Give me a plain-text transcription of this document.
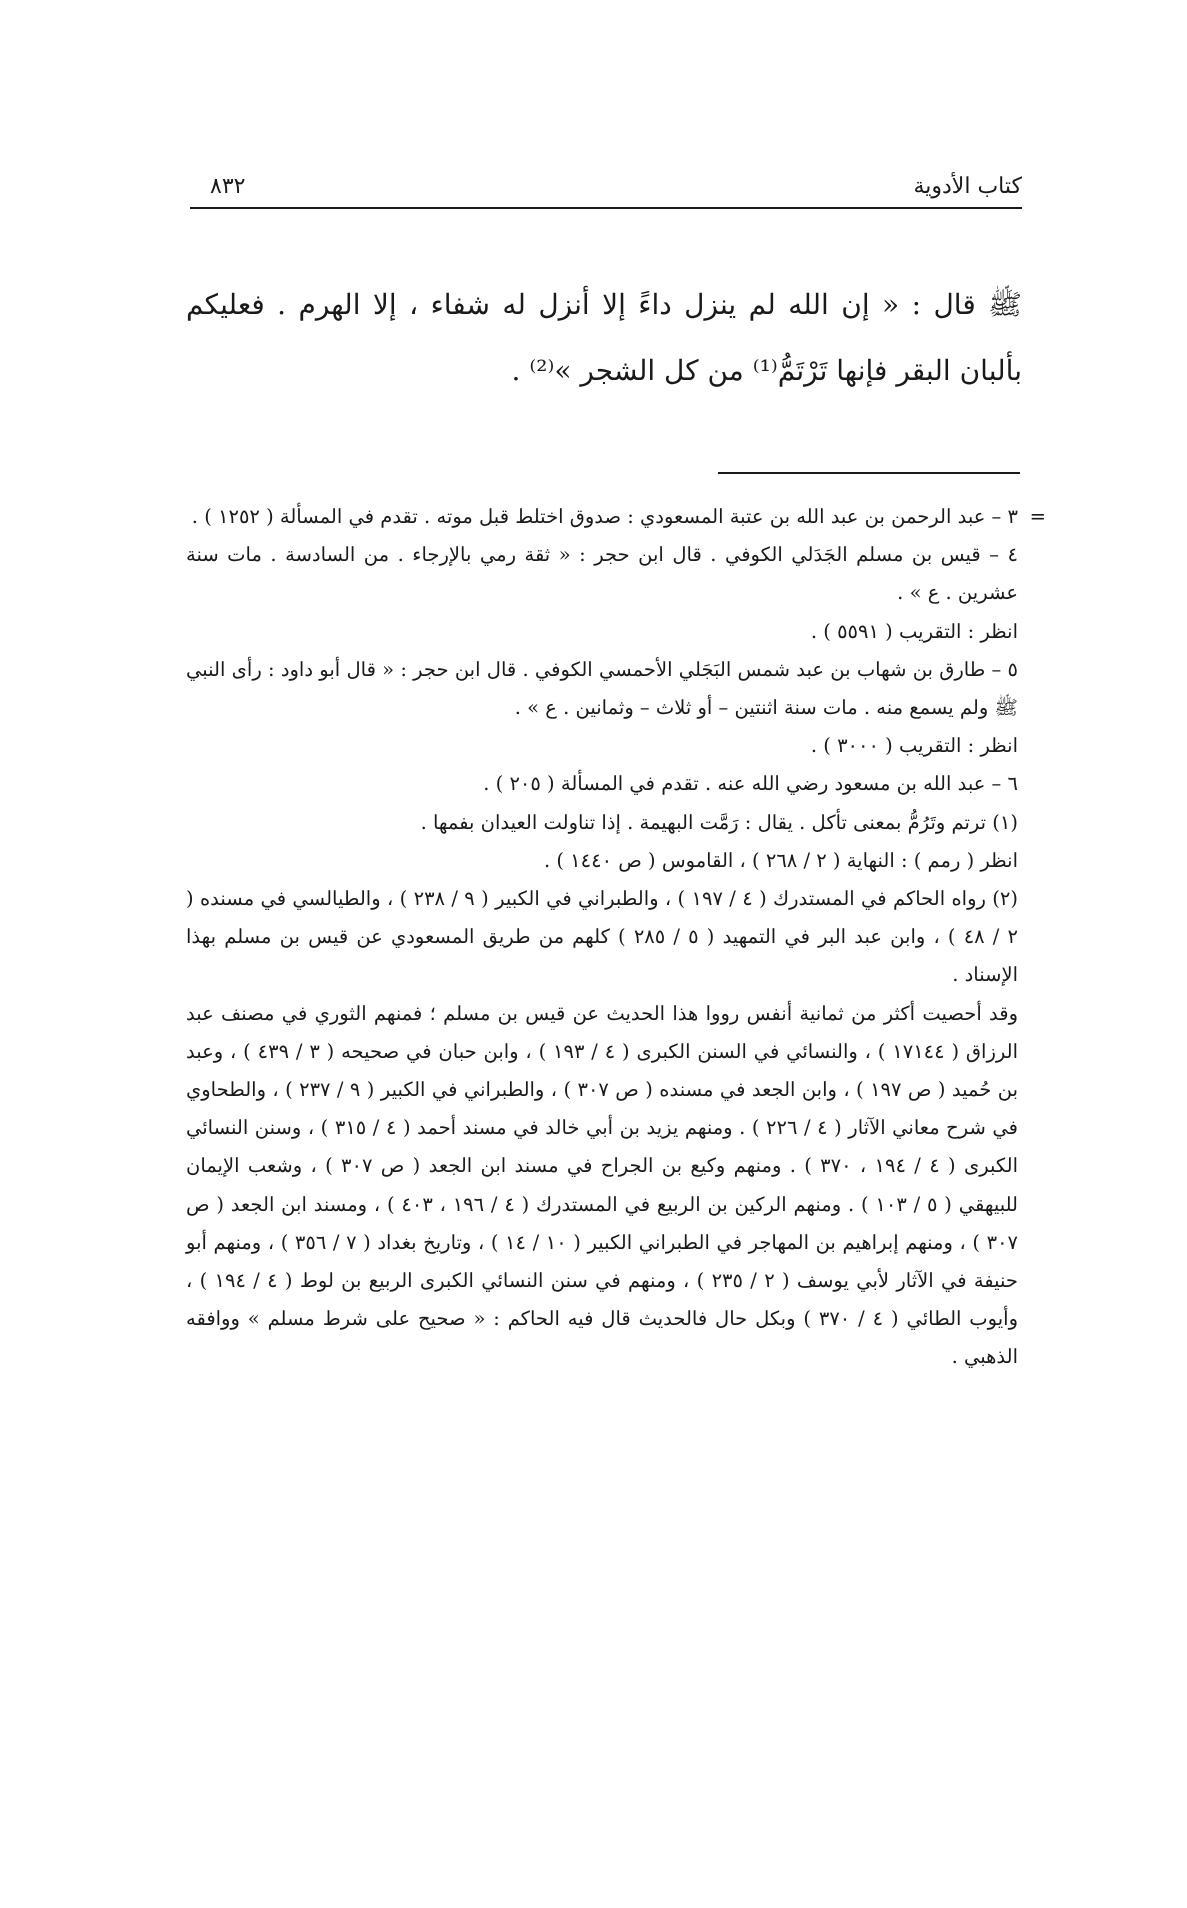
كتاب الأدوية
٨٣٢
ﷺ قال : « إن الله لم ينزل داءً إلا أنزل له شفاء ، إلا الهرم . فعليكم بألبان البقر فإنها تَرْتَمُّ⁽¹⁾ من كل الشجر »⁽²⁾ .
=

٣ – عبد الرحمن بن عبد الله بن عتبة المسعودي : صدوق اختلط قبل موته . تقدم في المسألة ( ١٢٥٢ ) .

٤ – قيس بن مسلم الجَدَلي الكوفي . قال ابن حجر : « ثقة رمي بالإرجاء . من السادسة . مات سنة عشرين . ع » .

انظر : التقريب ( ٥٥٩١ ) .

٥ – طارق بن شهاب بن عبد شمس البَجَلي الأحمسي الكوفي . قال ابن حجر : « قال أبو داود : رأى النبي ﷺ ولم يسمع منه . مات سنة اثنتين – أو ثلاث – وثمانين . ع » .

انظر : التقريب ( ٣٠٠٠ ) .

٦ – عبد الله بن مسعود رضي الله عنه . تقدم في المسألة ( ٢٠٥ ) .

(١) ترتم وتَرُمُّ بمعنى تأكل . يقال : رَمَّت البهيمة . إذا تناولت العيدان بفمها .

انظر ( رمم ) : النهاية ( ٢ / ٢٦٨ ) ، القاموس ( ص ١٤٤٠ ) .

(٢) رواه الحاكم في المستدرك ( ٤ / ١٩٧ ) ، والطبراني في الكبير ( ٩ / ٢٣٨ ) ، والطيالسي في مسنده ( ٢ / ٤٨ ) ، وابن عبد البر في التمهيد ( ٥ / ٢٨٥ ) كلهم من طريق المسعودي عن قيس بن مسلم بهذا الإسناد .

وقد أحصيت أكثر من ثمانية أنفس رووا هذا الحديث عن قيس بن مسلم ؛ فمنهم الثوري في مصنف عبد الرزاق ( ١٧١٤٤ ) ، والنسائي في السنن الكبرى ( ٤ / ١٩٣ ) ، وابن حبان في صحيحه ( ٣ / ٤٣٩ ) ، وعبد بن حُميد ( ص ١٩٧ ) ، وابن الجعد في مسنده ( ص ٣٠٧ ) ، والطبراني في الكبير ( ٩ / ٢٣٧ ) ، والطحاوي في شرح معاني الآثار ( ٤ / ٢٢٦ ) . ومنهم يزيد بن أبي خالد في مسند أحمد ( ٤ / ٣١٥ ) ، وسنن النسائي الكبرى ( ٤ / ١٩٤ ، ٣٧٠ ) . ومنهم وكيع بن الجراح في مسند ابن الجعد ( ص ٣٠٧ ) ، وشعب الإيمان للبيهقي ( ٥ / ١٠٣ ) . ومنهم الركين بن الربيع في المستدرك ( ٤ / ١٩٦ ، ٤٠٣ ) ، ومسند ابن الجعد ( ص ٣٠٧ ) ، ومنهم إبراهيم بن المهاجر في الطبراني الكبير ( ١٠ / ١٤ ) ، وتاريخ بغداد ( ٧ / ٣٥٦ ) ، ومنهم أبو حنيفة في الآثار لأبي يوسف ( ٢ / ٢٣٥ ) ، ومنهم في سنن النسائي الكبرى الربيع بن لوط ( ٤ / ١٩٤ ) ، وأيوب الطائي ( ٤ / ٣٧٠ ) وبكل حال فالحديث قال فيه الحاكم : « صحيح على شرط مسلم » ووافقه الذهبي .
